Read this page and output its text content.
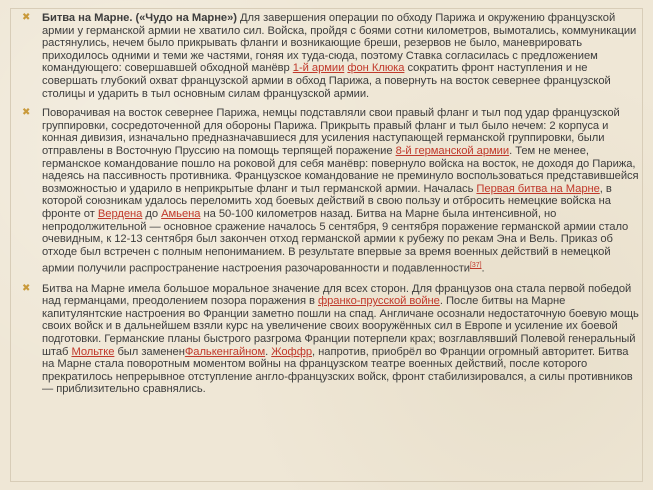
✖ Битва на Марне. («Чудо на Марне») Для завершения операции по обходу Парижа и окружению французской армии у германской армии не хватило сил. Войска, пройдя с боями сотни километров, вымотались, коммуникации растянулись, нечем было прикрывать фланги и возникающие бреши, резервов не было, маневрировать приходилось одними и теми же частями, гоняя их туда-сюда, поэтому Ставка согласилась с предложением командующего: совершавшей обходной манёвр 1-й армии фон Клюка сократить фронт наступления и не совершать глубокий охват французской армии в обход Парижа, а повернуть на восток севернее французской столицы и ударить в тыл основным силам французской армии.
✖ Поворачивая на восток севернее Парижа, немцы подставляли свои правый фланг и тыл под удар французской группировки, сосредоточенной для обороны Парижа. Прикрыть правый фланг и тыл было нечем: 2 корпуса и конная дивизия, изначально предназначавшиеся для усиления наступающей германской группировки, были отправлены в Восточную Пруссию на помощь терпящей поражение 8-й германской армии. Тем не менее, германское командование пошло на роковой для себя манёвр: повернуло войска на восток, не доходя до Парижа, надеясь на пассивность противника. Французское командование не преминуло воспользоваться представившейся возможностью и ударило в неприкрытые фланг и тыл германской армии. Началась Первая битва на Марне, в которой союзникам удалось переломить ход боевых действий в свою пользу и отбросить немецкие войска на фронте от Вердена до Амьена на 50-100 километров назад. Битва на Марне была интенсивной, но непродолжительной — основное сражение началось 5 сентября, 9 сентября поражение германской армии стало очевидным, к 12-13 сентября был закончен отход германской армии к рубежу по рекам Эна и Вель. Приказ об отходе был встречен с полным непониманием. В результате впервые за время военных действий в немецкой армии получили распространение настроения разочарованности и подавленности[37].
✖ Битва на Марне имела большое моральное значение для всех сторон. Для французов она стала первой победой над германцами, преодолением позора поражения в франко-прусской войне. После битвы на Марне капитулянтские настроения во Франции заметно пошли на спад. Англичане осознали недостаточную боевую мощь своих войск и в дальнейшем взяли курс на увеличение своих вооружённых сил в Европе и усиление их боевой подготовки. Германские планы быстрого разгрома Франции потерпели крах; возглавлявший Полевой генеральный штаб Мольтке был замененФалькенгайном. Жоффр, напротив, приобрёл во Франции огромный авторитет. Битва на Марне стала поворотным моментом войны на французском театре военных действий, после которого прекратилось непрерывное отступление англо-французских войск, фронт стабилизировался, а силы противников — приблизительно сравнялись.
